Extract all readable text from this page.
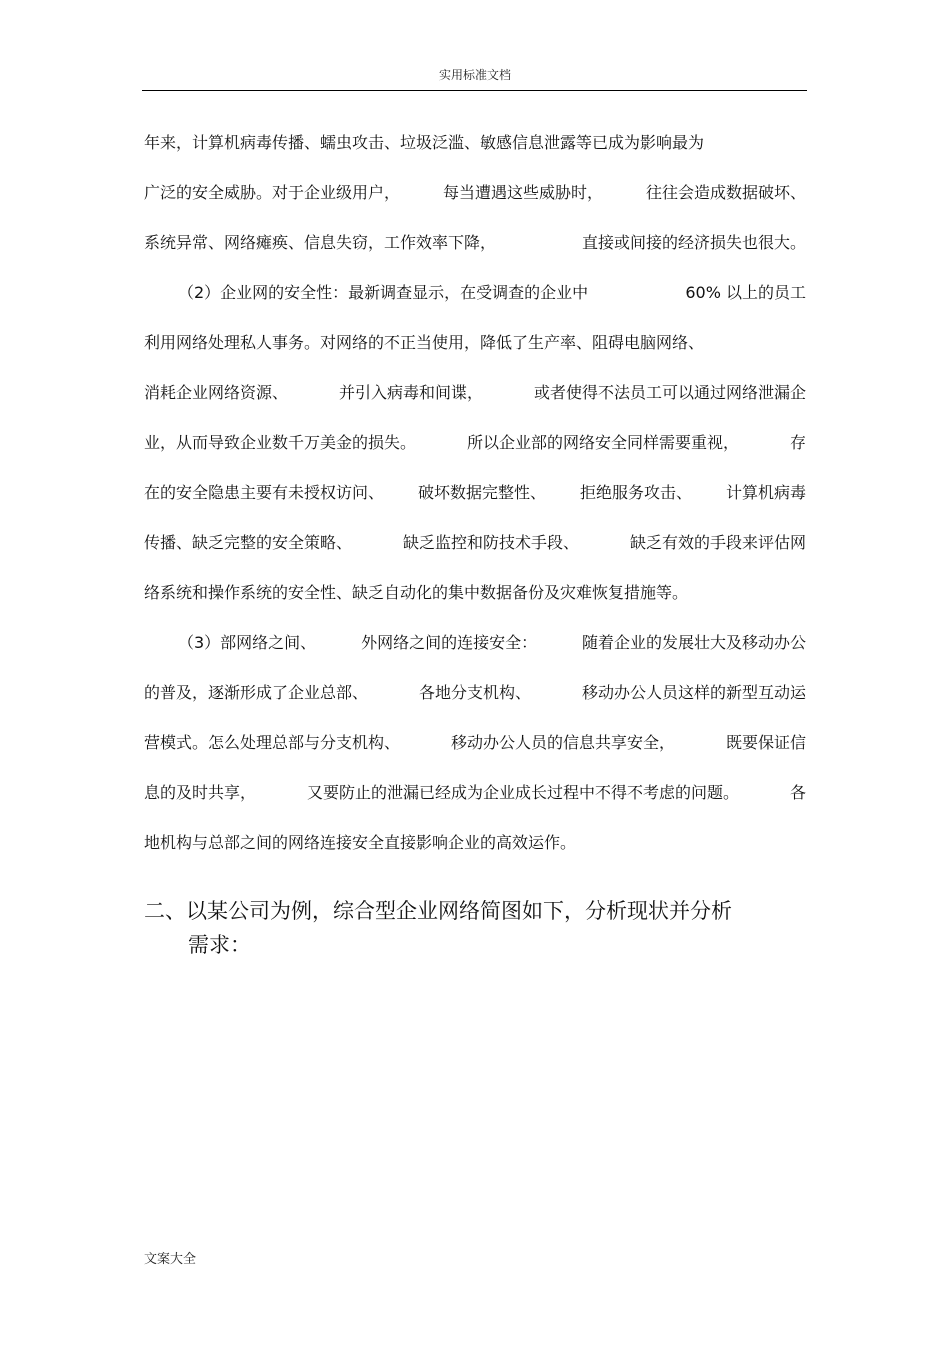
实用标准文档
年来，计算机病毒传播、蠕虫攻击、垃圾泛滥、敏感信息泄露等已成为影响最为
广泛的安全威胁。对于企业级用户，	每当遭遇这些威胁时，	往往会造成数据破坏、
系统异常、网络瘫痪、信息失窃，工作效率下降，	直接或间接的经济损失也很大。
（2）企业网的安全性：最新调查显示，在受调查的企业中	60% 以上的员工
利用网络处理私人事务。对网络的不正当使用，降低了生产率、阻碍电脑网络、
消耗企业网络资源、	并引入病毒和间谍，	或者使得不法员工可以通过网络泄漏企
业，从而导致企业数千万美金的损失。	所以企业部的网络安全同样需要重视，	存
在的安全隐患主要有未授权访问、 破坏数据完整性、 拒绝服务攻击、 计算机病毒
传播、缺乏完整的安全策略、	缺乏监控和防技术手段、	缺乏有效的手段来评估网
络系统和操作系统的安全性、缺乏自动化的集中数据备份及灾难恢复措施等。
（3）部网络之间、	外网络之间的连接安全：	随着企业的发展壮大及移动办公
的普及，逐渐形成了企业总部、	各地分支机构、	移动办公人员这样的新型互动运
营模式。怎么处理总部与分支机构、	移动办公人员的信息共享安全，	既要保证信
息的及时共享，	又要防止的泄漏已经成为企业成长过程中不得不考虑的问题。	各
地机构与总部之间的网络连接安全直接影响企业的高效运作。
二、以某公司为例，综合型企业网络简图如下，分析现状并分析
需求：
文案大全
